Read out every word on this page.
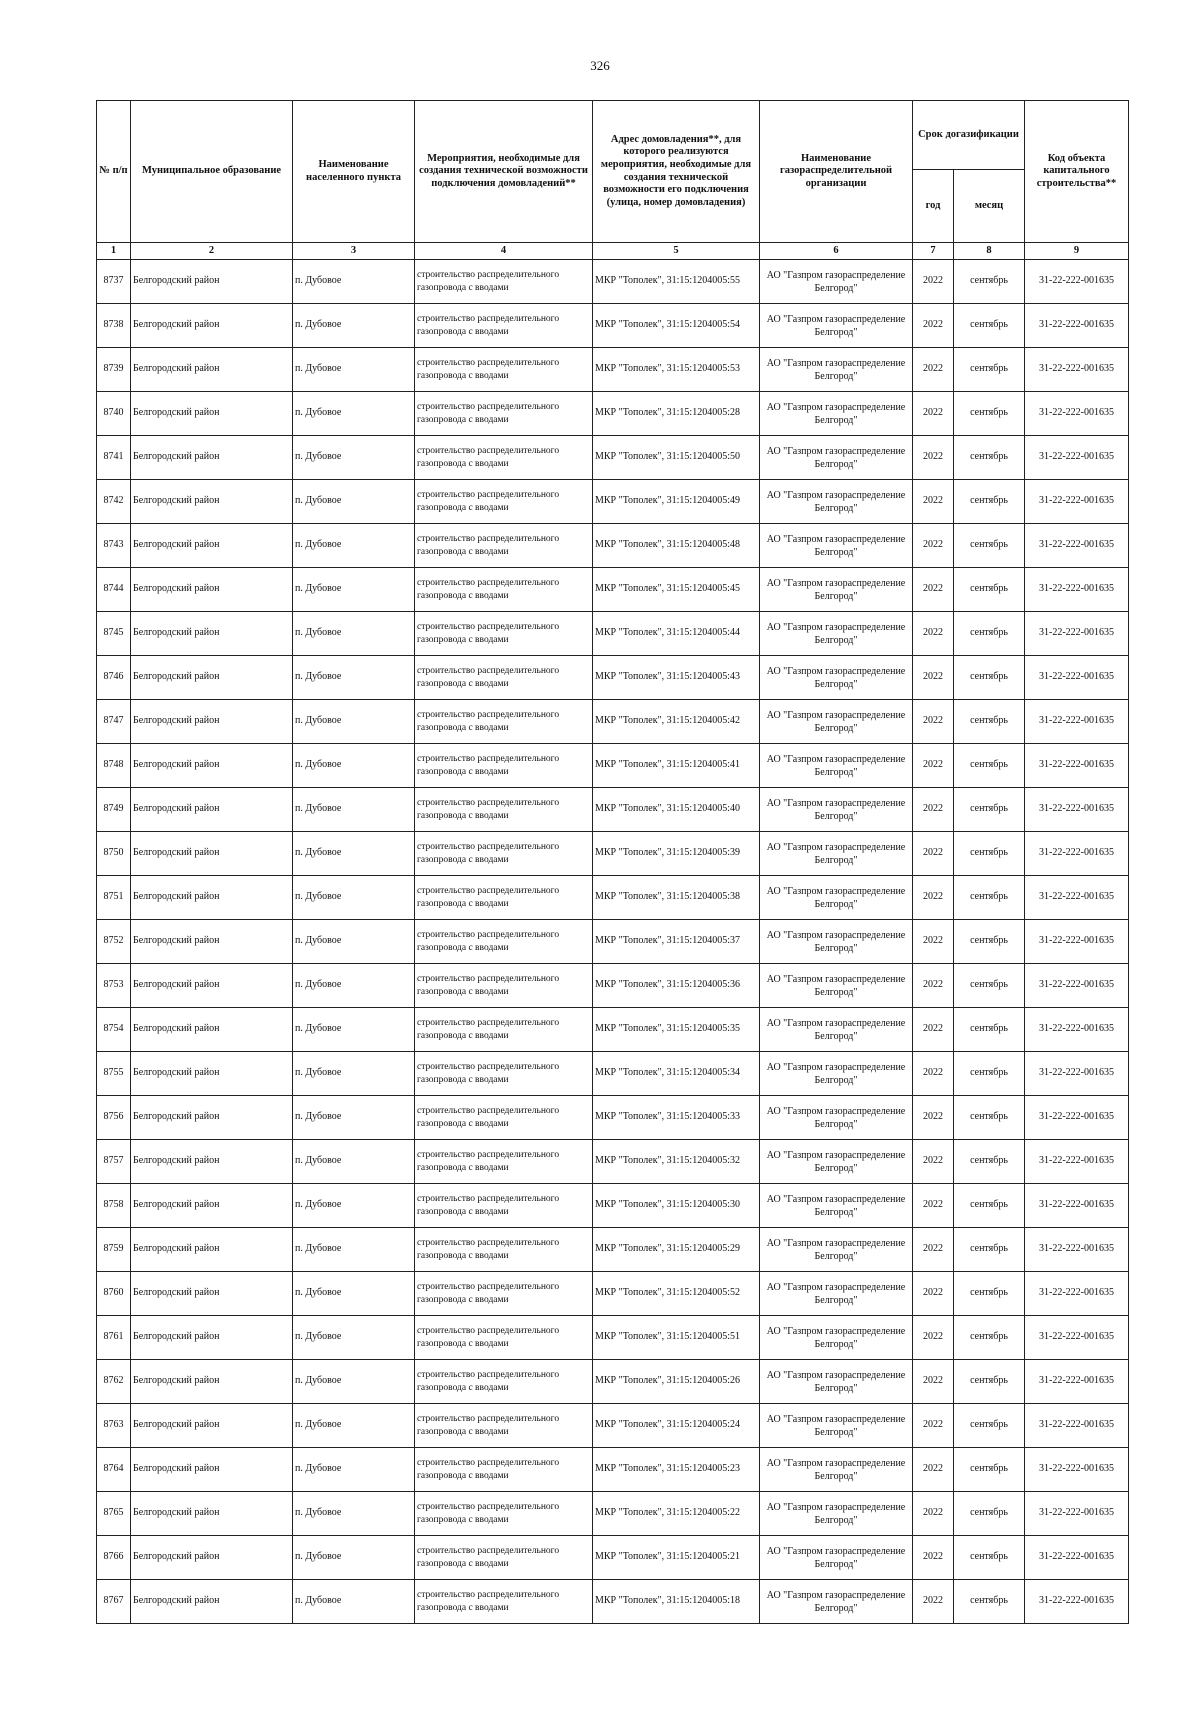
326
№ п/п	Муниципальное образование	Наименование населенного пункта	Мероприятия, необходимые для создания технической возможности подключения домовладений**	Адрес домовладения**, для которого реализуются мероприятия, необходимые для создания технической возможности его подключения (улица, номер домовладения)	Наименование газораспределительной организации	Срок догазификации		Код объекта капитального строительства**
						год	месяц	
1	2	3	4	5	6	7	8	9
8737	Белгородский район	п. Дубовое	строительство распределительного газопровода с вводами	МКР "Тополек", 31:15:1204005:55	АО "Газпром газораспределение Белгород"	2022	сентябрь	31-22-222-001635
8738	Белгородский район	п. Дубовое	строительство распределительного газопровода с вводами	МКР "Тополек", 31:15:1204005:54	АО "Газпром газораспределение Белгород"	2022	сентябрь	31-22-222-001635
8739	Белгородский район	п. Дубовое	строительство распределительного газопровода с вводами	МКР "Тополек", 31:15:1204005:53	АО "Газпром газораспределение Белгород"	2022	сентябрь	31-22-222-001635
8740	Белгородский район	п. Дубовое	строительство распределительного газопровода с вводами	МКР "Тополек", 31:15:1204005:28	АО "Газпром газораспределение Белгород"	2022	сентябрь	31-22-222-001635
8741	Белгородский район	п. Дубовое	строительство распределительного газопровода с вводами	МКР "Тополек", 31:15:1204005:50	АО "Газпром газораспределение Белгород"	2022	сентябрь	31-22-222-001635
8742	Белгородский район	п. Дубовое	строительство распределительного газопровода с вводами	МКР "Тополек", 31:15:1204005:49	АО "Газпром газораспределение Белгород"	2022	сентябрь	31-22-222-001635
8743	Белгородский район	п. Дубовое	строительство распределительного газопровода с вводами	МКР "Тополек", 31:15:1204005:48	АО "Газпром газораспределение Белгород"	2022	сентябрь	31-22-222-001635
8744	Белгородский район	п. Дубовое	строительство распределительного газопровода с вводами	МКР "Тополек", 31:15:1204005:45	АО "Газпром газораспределение Белгород"	2022	сентябрь	31-22-222-001635
8745	Белгородский район	п. Дубовое	строительство распределительного газопровода с вводами	МКР "Тополек", 31:15:1204005:44	АО "Газпром газораспределение Белгород"	2022	сентябрь	31-22-222-001635
8746	Белгородский район	п. Дубовое	строительство распределительного газопровода с вводами	МКР "Тополек", 31:15:1204005:43	АО "Газпром газораспределение Белгород"	2022	сентябрь	31-22-222-001635
8747	Белгородский район	п. Дубовое	строительство распределительного газопровода с вводами	МКР "Тополек", 31:15:1204005:42	АО "Газпром газораспределение Белгород"	2022	сентябрь	31-22-222-001635
8748	Белгородский район	п. Дубовое	строительство распределительного газопровода с вводами	МКР "Тополек", 31:15:1204005:41	АО "Газпром газораспределение Белгород"	2022	сентябрь	31-22-222-001635
8749	Белгородский район	п. Дубовое	строительство распределительного газопровода с вводами	МКР "Тополек", 31:15:1204005:40	АО "Газпром газораспределение Белгород"	2022	сентябрь	31-22-222-001635
8750	Белгородский район	п. Дубовое	строительство распределительного газопровода с вводами	МКР "Тополек", 31:15:1204005:39	АО "Газпром газораспределение Белгород"	2022	сентябрь	31-22-222-001635
8751	Белгородский район	п. Дубовое	строительство распределительного газопровода с вводами	МКР "Тополек", 31:15:1204005:38	АО "Газпром газораспределение Белгород"	2022	сентябрь	31-22-222-001635
8752	Белгородский район	п. Дубовое	строительство распределительного газопровода с вводами	МКР "Тополек", 31:15:1204005:37	АО "Газпром газораспределение Белгород"	2022	сентябрь	31-22-222-001635
8753	Белгородский район	п. Дубовое	строительство распределительного газопровода с вводами	МКР "Тополек", 31:15:1204005:36	АО "Газпром газораспределение Белгород"	2022	сентябрь	31-22-222-001635
8754	Белгородский район	п. Дубовое	строительство распределительного газопровода с вводами	МКР "Тополек", 31:15:1204005:35	АО "Газпром газораспределение Белгород"	2022	сентябрь	31-22-222-001635
8755	Белгородский район	п. Дубовое	строительство распределительного газопровода с вводами	МКР "Тополек", 31:15:1204005:34	АО "Газпром газораспределение Белгород"	2022	сентябрь	31-22-222-001635
8756	Белгородский район	п. Дубовое	строительство распределительного газопровода с вводами	МКР "Тополек", 31:15:1204005:33	АО "Газпром газораспределение Белгород"	2022	сентябрь	31-22-222-001635
8757	Белгородский район	п. Дубовое	строительство распределительного газопровода с вводами	МКР "Тополек", 31:15:1204005:32	АО "Газпром газораспределение Белгород"	2022	сентябрь	31-22-222-001635
8758	Белгородский район	п. Дубовое	строительство распределительного газопровода с вводами	МКР "Тополек", 31:15:1204005:30	АО "Газпром газораспределение Белгород"	2022	сентябрь	31-22-222-001635
8759	Белгородский район	п. Дубовое	строительство распределительного газопровода с вводами	МКР "Тополек", 31:15:1204005:29	АО "Газпром газораспределение Белгород"	2022	сентябрь	31-22-222-001635
8760	Белгородский район	п. Дубовое	строительство распределительного газопровода с вводами	МКР "Тополек", 31:15:1204005:52	АО "Газпром газораспределение Белгород"	2022	сентябрь	31-22-222-001635
8761	Белгородский район	п. Дубовое	строительство распределительного газопровода с вводами	МКР "Тополек", 31:15:1204005:51	АО "Газпром газораспределение Белгород"	2022	сентябрь	31-22-222-001635
8762	Белгородский район	п. Дубовое	строительство распределительного газопровода с вводами	МКР "Тополек", 31:15:1204005:26	АО "Газпром газораспределение Белгород"	2022	сентябрь	31-22-222-001635
8763	Белгородский район	п. Дубовое	строительство распределительного газопровода с вводами	МКР "Тополек", 31:15:1204005:24	АО "Газпром газораспределение Белгород"	2022	сентябрь	31-22-222-001635
8764	Белгородский район	п. Дубовое	строительство распределительного газопровода с вводами	МКР "Тополек", 31:15:1204005:23	АО "Газпром газораспределение Белгород"	2022	сентябрь	31-22-222-001635
8765	Белгородский район	п. Дубовое	строительство распределительного газопровода с вводами	МКР "Тополек", 31:15:1204005:22	АО "Газпром газораспределение Белгород"	2022	сентябрь	31-22-222-001635
8766	Белгородский район	п. Дубовое	строительство распределительного газопровода с вводами	МКР "Тополек", 31:15:1204005:21	АО "Газпром газораспределение Белгород"	2022	сентябрь	31-22-222-001635
8767	Белгородский район	п. Дубовое	строительство распределительного газопровода с вводами	МКР "Тополек", 31:15:1204005:18	АО "Газпром газораспределение Белгород"	2022	сентябрь	31-22-222-001635
